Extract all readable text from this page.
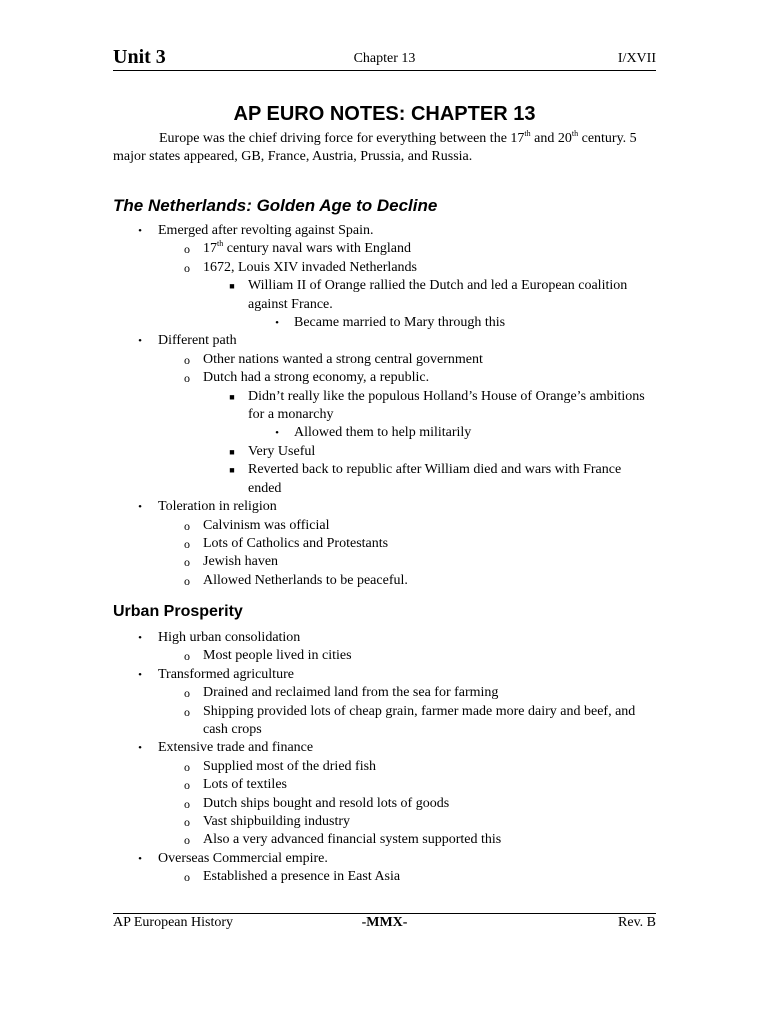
Unit 3	Chapter 13	I/XVII
AP EURO NOTES: CHAPTER 13

Europe was the chief driving force for everything between the 17th and 20th century. 5 major states appeared, GB, France, Austria, Prussia, and Russia.

The Netherlands: Golden Age to Decline
•	Emerged after revolting against Spain.
o 17th century naval wars with England
o 1672, Louis XIV invaded Netherlands
■ William II of Orange rallied the Dutch and led a European coalition against France.
•	Became married to Mary through this
•	Different path
o Other nations wanted a strong central government
o Dutch had a strong economy, a republic.
■ Didn’t really like the populous Holland’s House of Orange’s ambitions for a monarchy
•	Allowed them to help militarily
■ Very Useful
■ Reverted back to republic after William died and wars with France ended
•	Toleration in religion
o Calvinism was official
o Lots of Catholics and Protestants
o Jewish haven
o Allowed Netherlands to be peaceful.
Urban Prosperity
•	High urban consolidation
o Most people lived in cities
•	Transformed agriculture
o Drained and reclaimed land from the sea for farming
o Shipping provided lots of cheap grain, farmer made more dairy and beef, and cash crops
•	Extensive trade and finance
o Supplied most of the dried fish
o Lots of textiles
o Dutch ships bought and resold lots of goods
o Vast shipbuilding industry
o Also a very advanced financial system supported this
•	Overseas Commercial empire.
o Established a presence in East Asia
AP European History	-MMX-	Rev. B
